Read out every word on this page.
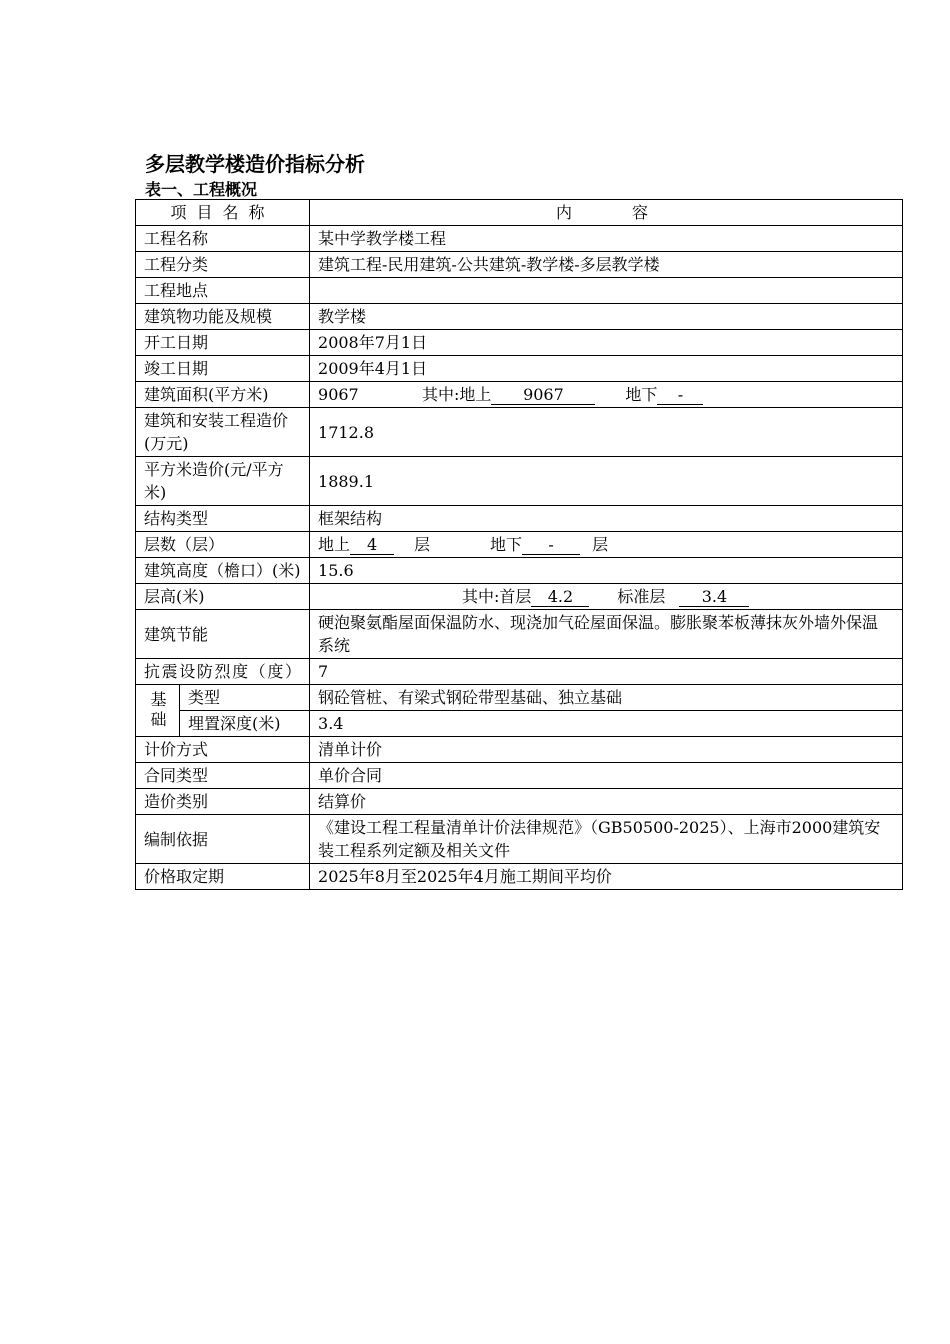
多层教学楼造价指标分析
表一、工程概况
项目名称		内容
工程名称		某中学教学楼工程
工程分类		建筑工程-民用建筑-公共建筑-教学楼-多层教学楼
工程地点		
建筑物功能及规模		教学楼
开工日期		2008年7月1日
竣工日期		2009年4月1日
建筑面积(平方米)		9067 其中:地上 9067 地下 -
建筑和安装工程造价(万元)		1712.8
平方米造价(元/平方米)		1889.1
结构类型		框架结构
层数（层）		地上 4 层 地下 - 层
建筑高度（檐口）(米)		15.6
层高(米)		其中:首层 4.2 标准层 3.4
建筑节能		硬泡聚氨酯屋面保温防水、现浇加气砼屋面保温。膨胀聚苯板薄抹灰外墙外保温系统
抗震设防烈度（度）		7
基础	类型	钢砼管桩、有梁式钢砼带型基础、独立基础
	埋置深度(米)	3.4
计价方式		清单计价
合同类型		单价合同
造价类别		结算价
编制依据		《建设工程工程量清单计价法律规范》（GB50500-2025）、上海市2000建筑安装工程系列定额及相关文件
价格取定期		2025年8月至2025年4月施工期间平均价
